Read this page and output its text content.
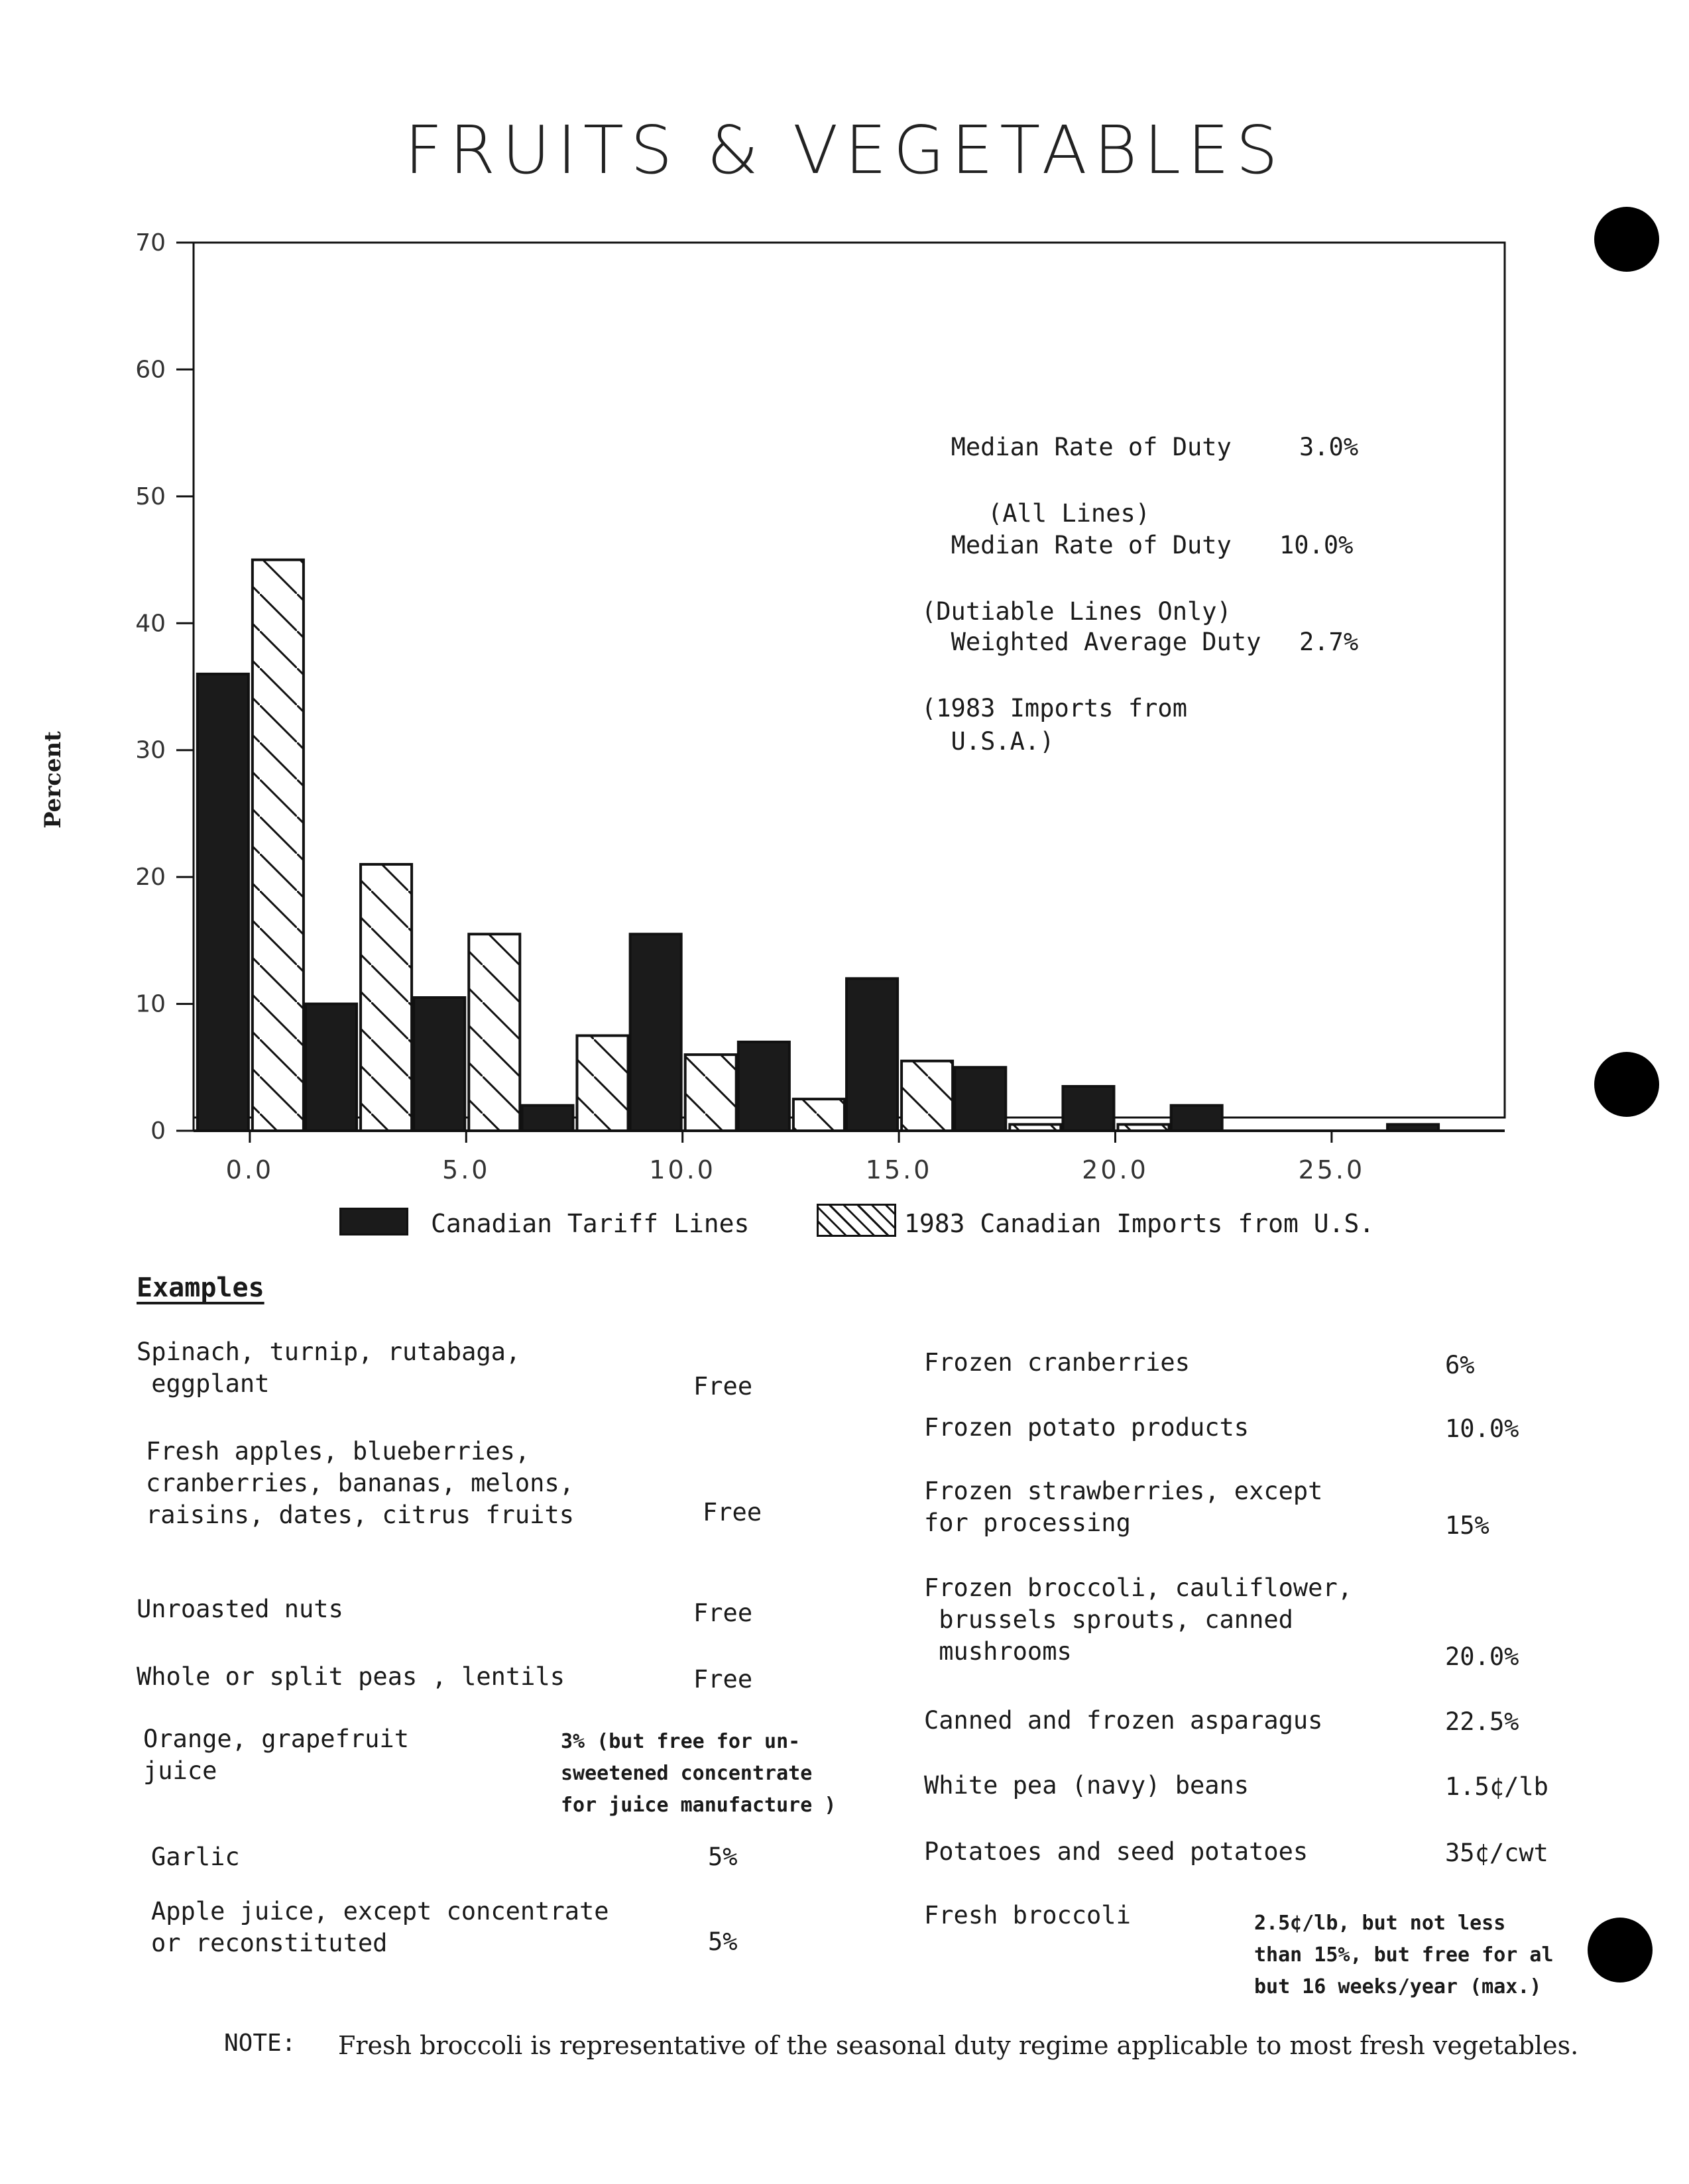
FRUITS & VEGETABLES
0
10
20
30
40
50
60
70
0.0	5.0	10.0	15.0	20.0	25.0
Percent

Median Rate of Duty	3.0%

(All Lines)

Median Rate of Duty 10.0%

(Dutiable Lines Only)

Weighted Average Duty 2.7%

(1983 Imports from
U.S.A.)

Canadian Tariff Lines	1983 Canadian Imports from U.S.
Examples
Spinach, turnip, rutabaga,
eggplant	Free
Fresh apples, blueberries,
cranberries, bananas, melons,
raisins, dates, citrus fruits	Free
Unroasted nuts	Free
Whole or split peas , lentils	Free
Orange, grapefruit
juice
3% (but free for un-
sweetened concentrate
for juice manufacture )
Garlic	5%
Apple juice, except concentrate
or reconstituted	5%
Frozen cranberries	6%
Frozen potato products	10.0%
Frozen strawberries, except
for processing	15%
Frozen broccoli, cauliflower,
brussels sprouts, canned
mushrooms	20.0%
Canned and frozen asparagus	22.5%
White pea (navy) beans	1.5¢/lb
Potatoes and seed potatoes	35¢/cwt
Fresh broccoli	2.5¢/lb, but not less
than 15%, but free for al
but 16 weeks/year (max.)
NOTE: Fresh broccoli is representative of the seasonal duty regime applicable to most fresh vegetables.
